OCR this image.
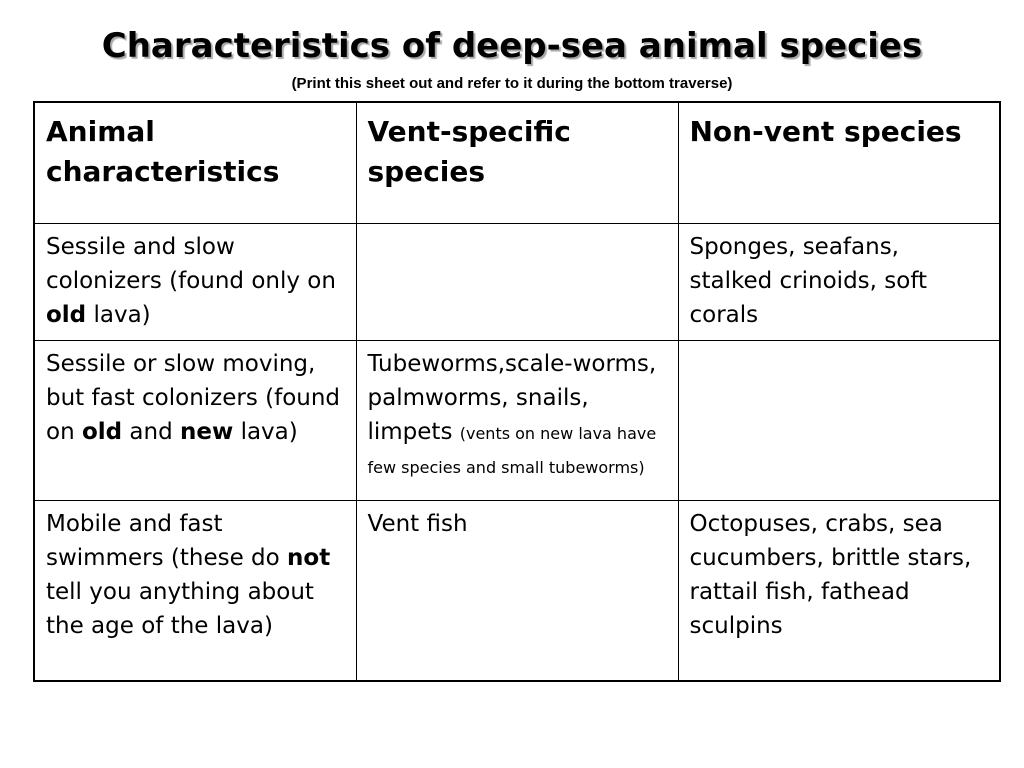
Characteristics of deep-sea animal species
(Print this sheet out and refer to it during the bottom traverse)
Animal characteristics	Vent-specific species	Non-vent species
Sessile and slow colonizers (found only on old lava)		Sponges, seafans, stalked crinoids, soft corals
Sessile or slow moving, but fast colonizers (found on old and new lava)	Tubeworms,scale-worms, palmworms, snails, limpets (vents on new lava have few species and small tubeworms)	
Mobile and fast swimmers (these do not tell you anything about the age of the lava)	Vent fish	Octopuses, crabs, sea cucumbers, brittle stars, rattail fish, fathead sculpins
